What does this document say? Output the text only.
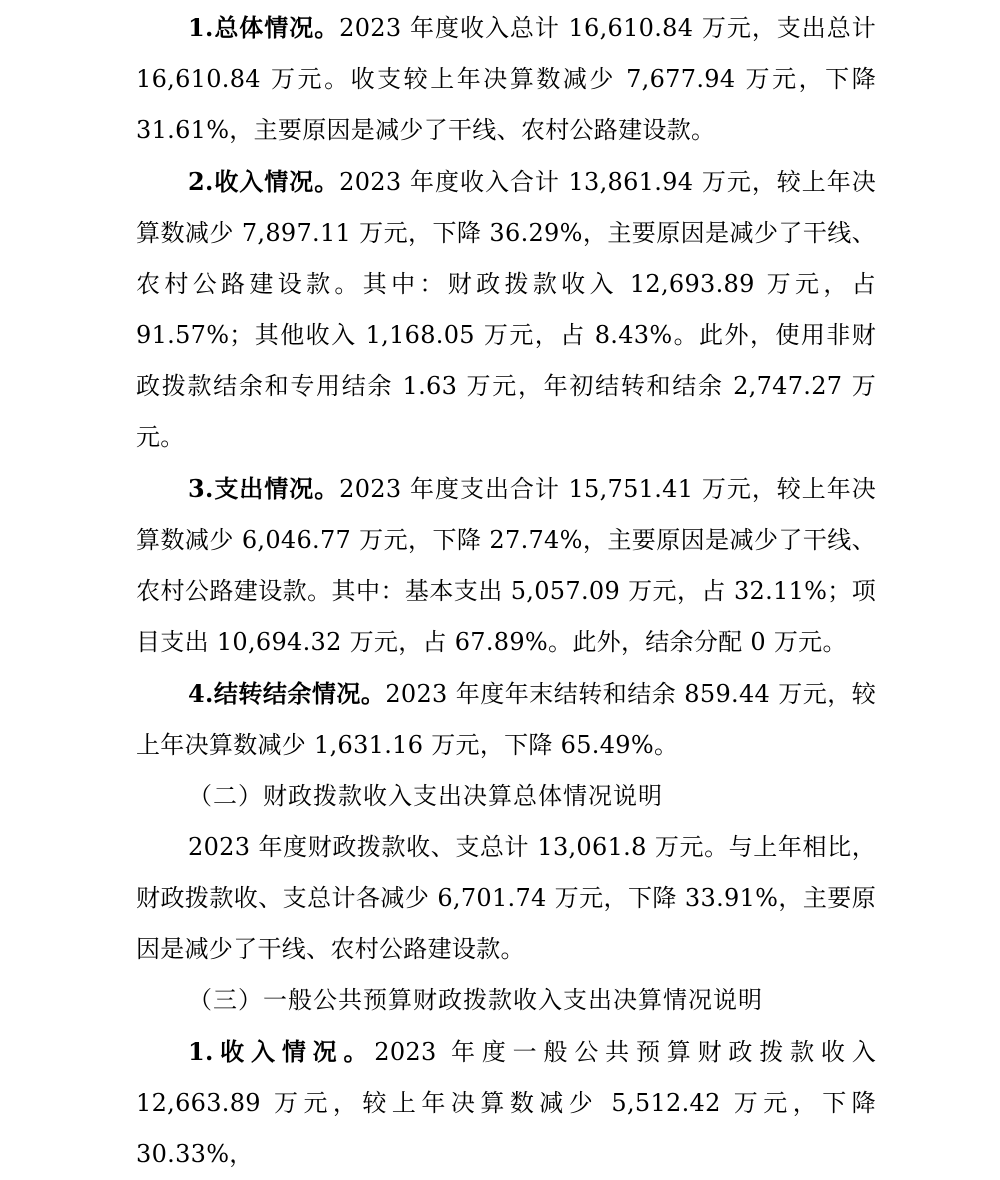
1.总体情况。2023 年度收入总计 16,610.84 万元，支出总计 16,610.84 万元。收支较上年决算数减少 7,677.94 万元，下降 31.61%，主要原因是减少了干线、农村公路建设款。

2.收入情况。2023 年度收入合计 13,861.94 万元，较上年决算数减少 7,897.11 万元，下降 36.29%，主要原因是减少了干线、农村公路建设款。其中：财政拨款收入 12,693.89 万元，占 91.57%；其他收入 1,168.05 万元，占 8.43%。此外，使用非财政拨款结余和专用结余 1.63 万元，年初结转和结余 2,747.27 万元。

3.支出情况。2023 年度支出合计 15,751.41 万元，较上年决算数减少 6,046.77 万元，下降 27.74%，主要原因是减少了干线、农村公路建设款。其中：基本支出 5,057.09 万元，占 32.11%；项目支出 10,694.32 万元，占 67.89%。此外，结余分配 0 万元。

4.结转结余情况。2023 年度年末结转和结余 859.44 万元，较上年决算数减少 1,631.16 万元，下降 65.49%。

（二）财政拨款收入支出决算总体情况说明

2023 年度财政拨款收、支总计 13,061.8 万元。与上年相比，财政拨款收、支总计各减少 6,701.74 万元，下降 33.91%，主要原因是减少了干线、农村公路建设款。

（三）一般公共预算财政拨款收入支出决算情况说明

1.收入情况。2023 年度一般公共预算财政拨款收入 12,663.89 万元，较上年决算数减少 5,512.42 万元，下降 30.33%，
